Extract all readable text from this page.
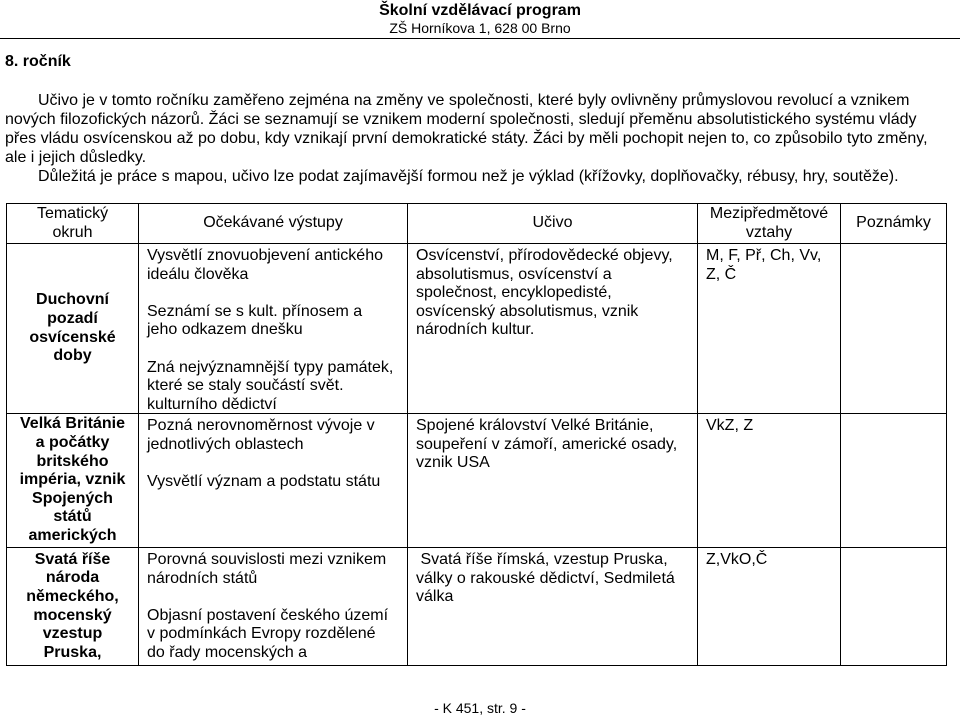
Školní vzdělávací program
ZŠ Horníkova 1, 628 00 Brno
8. ročník
Učivo je v tomto ročníku zaměřeno zejména na změny ve společnosti, které byly ovlivněny průmyslovou revolucí a vznikem
nových filozofických názorů. Žáci se seznamují se vznikem moderní společnosti, sledují přeměnu absolutistického systému vlády
přes vládu osvícenskou až po dobu, kdy vznikají první demokratické státy. Žáci by měli pochopit nejen to, co způsobilo tyto změny,
ale i jejich důsledky.
Důležitá je práce s mapou, učivo lze podat zajímavější formou než je výklad (křížovky, doplňovačky, rébusy, hry, soutěže).
Tematický
okruh
Očekávané výstupy	Učivo
Mezipředmětové
vztahy
Poznámky
Duchovní
pozadí
osvícenské
doby
Vysvětlí znovuobjevení antického
ideálu člověka
Seznámí se s kult. přínosem a
jeho odkazem dnešku
Zná nejvýznamnější typy památek,
které se staly součástí svět.
kulturního dědictví
Osvícenství, přírodovědecké objevy,
absolutismus, osvícenství a
společnost, encyklopedisté,
osvícenský absolutismus, vznik
národních kultur.
M, F, Př, Ch, Vv,
Z, Č
Velká Británie
a počátky
britského
impéria, vznik
Spojených
států
amerických
Pozná nerovnoměrnost vývoje v
jednotlivých oblastech
Vysvětlí význam a podstatu státu
Spojené království Velké Británie,
soupeření v zámoří, americké osady,
vznik USA
VkZ, Z
Svatá říše
národa
německého,
mocenský
vzestup
Pruska,
Porovná souvislosti mezi vznikem
národních států
Objasní postavení českého území
v podmínkách Evropy rozdělené
do řady mocenských a
Svatá říše římská, vzestup Pruska,
války o rakouské dědictví, Sedmiletá
válka
Z,VkO,Č
- K 451, str. 9 -
